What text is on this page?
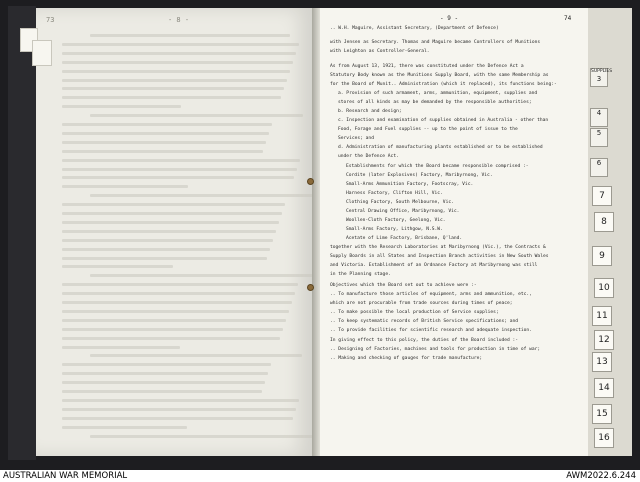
73	- 8 -	- 9 -	74
.. W.H. Maguire, Assistant Secretary, (Department of Defence)
with Jensen as Secretary. Thomas and Maguire became Controllers of Munitions
with Leighton as Controller-General.
As from August 13, 1921, there was constituted under the Defence Act a
Statutory Body known as the Munitions Supply Board, with the same Membership as
for the Board of Munit.. Administration (which it replaced), its functions being:-
a. Provision of such armament, arms, ammunition, equipment, supplies and
stores of all kinds as may be demanded by the responsible authorities;
b. Research and design;
c. Inspection and examination of supplies obtained in Australia - other than
Food, Forage and Fuel supplies -- up to the point of issue to the
Services; and
d. Administration of manufacturing plants established or to be established
under the Defence Act.
Establishments for which the Board became responsible comprised :-
Cordite (later Explosives) Factory, Maribyrnong, Vic.
Small-Arms Ammunition Factory, Footscray, Vic.
Harness Factory, Clifton Hill, Vic.
Clothing Factory, South Melbourne, Vic.
Central Drawing Office, Maribyrnong, Vic.
Woollen-Cloth Factory, Geelong, Vic.
Small-Arms Factory, Lithgow, N.S.W.
Acetate of Lime Factory, Brisbane, Q'land.
together with the Research Laboratories at Maribyrnong (Vic.), the Contracts &
Supply Boards in all States and Inspection Branch activities in New South Wales
and Victoria. Establishment of an Ordnance Factory at Maribyrnong was still
in the Planning stage.
Objectives which the Board set out to achieve were :-
.. To manufacture those articles of equipment, arms and ammunition, etc.,
which are not procurable from trade sources during times of peace;
.. To make possible the local production of Service supplies;
.. To keep systematic records of British Service specifications; and
.. To provide facilities for scientific research and adequate inspection.
In giving effect to this policy, the duties of the Board included :-
.. Designing of Factories, machines and tools for production in time of war;
.. Making and checking of gauges for trade manufacture;
SUPPLIES
3
4
5
6
7
8
9
10
11
12
13
14
15
16
AUSTRALIAN WAR MEMORIAL	AWM2022.6.244
